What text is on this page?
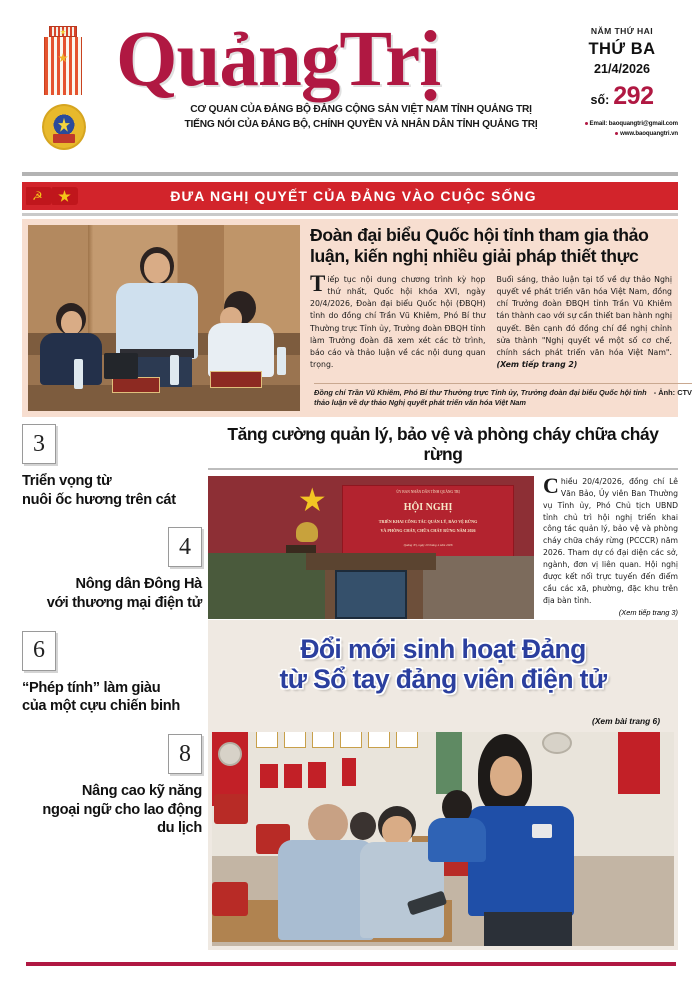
QuảngTrị
CƠ QUAN CỦA ĐẢNG BỘ ĐẢNG CỘNG SẢN VIỆT NAM TỈNH QUẢNG TRỊ
TIẾNG NÓI CỦA ĐẢNG BỘ, CHÍNH QUYỀN VÀ NHÂN DÂN TỈNH QUẢNG TRỊ
NĂM THỨ HAI
THỨ BA
21/4/2026
số: 292
Email: baoquangtri@gmail.com
www.baoquangtri.vn
☭	ĐƯA NGHỊ QUYẾT CỦA ĐẢNG VÀO CUỘC SỐNG
Đoàn đại biểu Quốc hội tỉnh tham gia thảo luận, kiến nghị nhiều giải pháp thiết thực
Tiếp tục nội dung chương trình kỳ họp thứ nhất, Quốc hội khóa XVI, ngày 20/4/2026, Đoàn đại biểu Quốc hội (ĐBQH) tỉnh do đồng chí Trần Vũ Khiêm, Phó Bí thư Thường trực Tỉnh ủy, Trưởng đoàn ĐBQH tỉnh làm Trưởng đoàn đã xem xét các tờ trình, báo cáo và thảo luận về các nội dung quan trọng.
Buổi sáng, thảo luận tại tổ về dự thảo Nghị quyết về phát triển văn hóa Việt Nam, đồng chí Trưởng đoàn ĐBQH tỉnh Trần Vũ Khiêm tán thành cao với sự cần thiết ban hành nghị quyết. Bên cạnh đó đồng chí đề nghị chỉnh sửa thành "Nghị quyết về một số cơ chế, chính sách phát triển văn hóa Việt Nam". (Xem tiếp trang 2)
- Ảnh: CTV
Đồng chí Trần Vũ Khiêm, Phó Bí thư Thường trực Tỉnh ủy, Trưởng đoàn đại biểu Quốc hội tỉnh thảo luận về dự thảo Nghị quyết phát triển văn hóa Việt Nam
3
Triển vọng từ
nuôi ốc hương trên cát
4
Nông dân Đông Hà
với thương mại điện tử
6
“Phép tính” làm giàu
của một cựu chiến binh
8
Nâng cao kỹ năng
ngoại ngữ cho lao động du lịch
Tăng cường quản lý, bảo vệ và phòng cháy chữa cháy rừng
ỦY BAN NHÂN DÂN TỈNH QUẢNG TRỊ
HỘI NGHỊ
TRIỂN KHAI CÔNG TÁC QUẢN LÝ, BẢO VỆ RỪNG
VÀ PHÒNG CHÁY, CHỮA CHÁY RỪNG NĂM 2026
Quảng Trị, ngày 20 tháng 4 năm 2026
Chiều 20/4/2026, đồng chí Lê Văn Bảo, Ủy viên Ban Thường vụ Tỉnh ủy, Phó Chủ tịch UBND tỉnh chủ trì hội nghị triển khai công tác quản lý, bảo vệ và phòng cháy chữa cháy rừng (PCCCR) năm 2026. Tham dự có đại diện các sở, ngành, đơn vị liên quan. Hội nghị được kết nối trực tuyến đến điểm cầu các xã, phường, đặc khu trên địa bàn tỉnh.
(Xem tiếp trang 3)
Đổi mới sinh hoạt Đảng
từ Sổ tay đảng viên điện tử
(Xem bài trang 6)
